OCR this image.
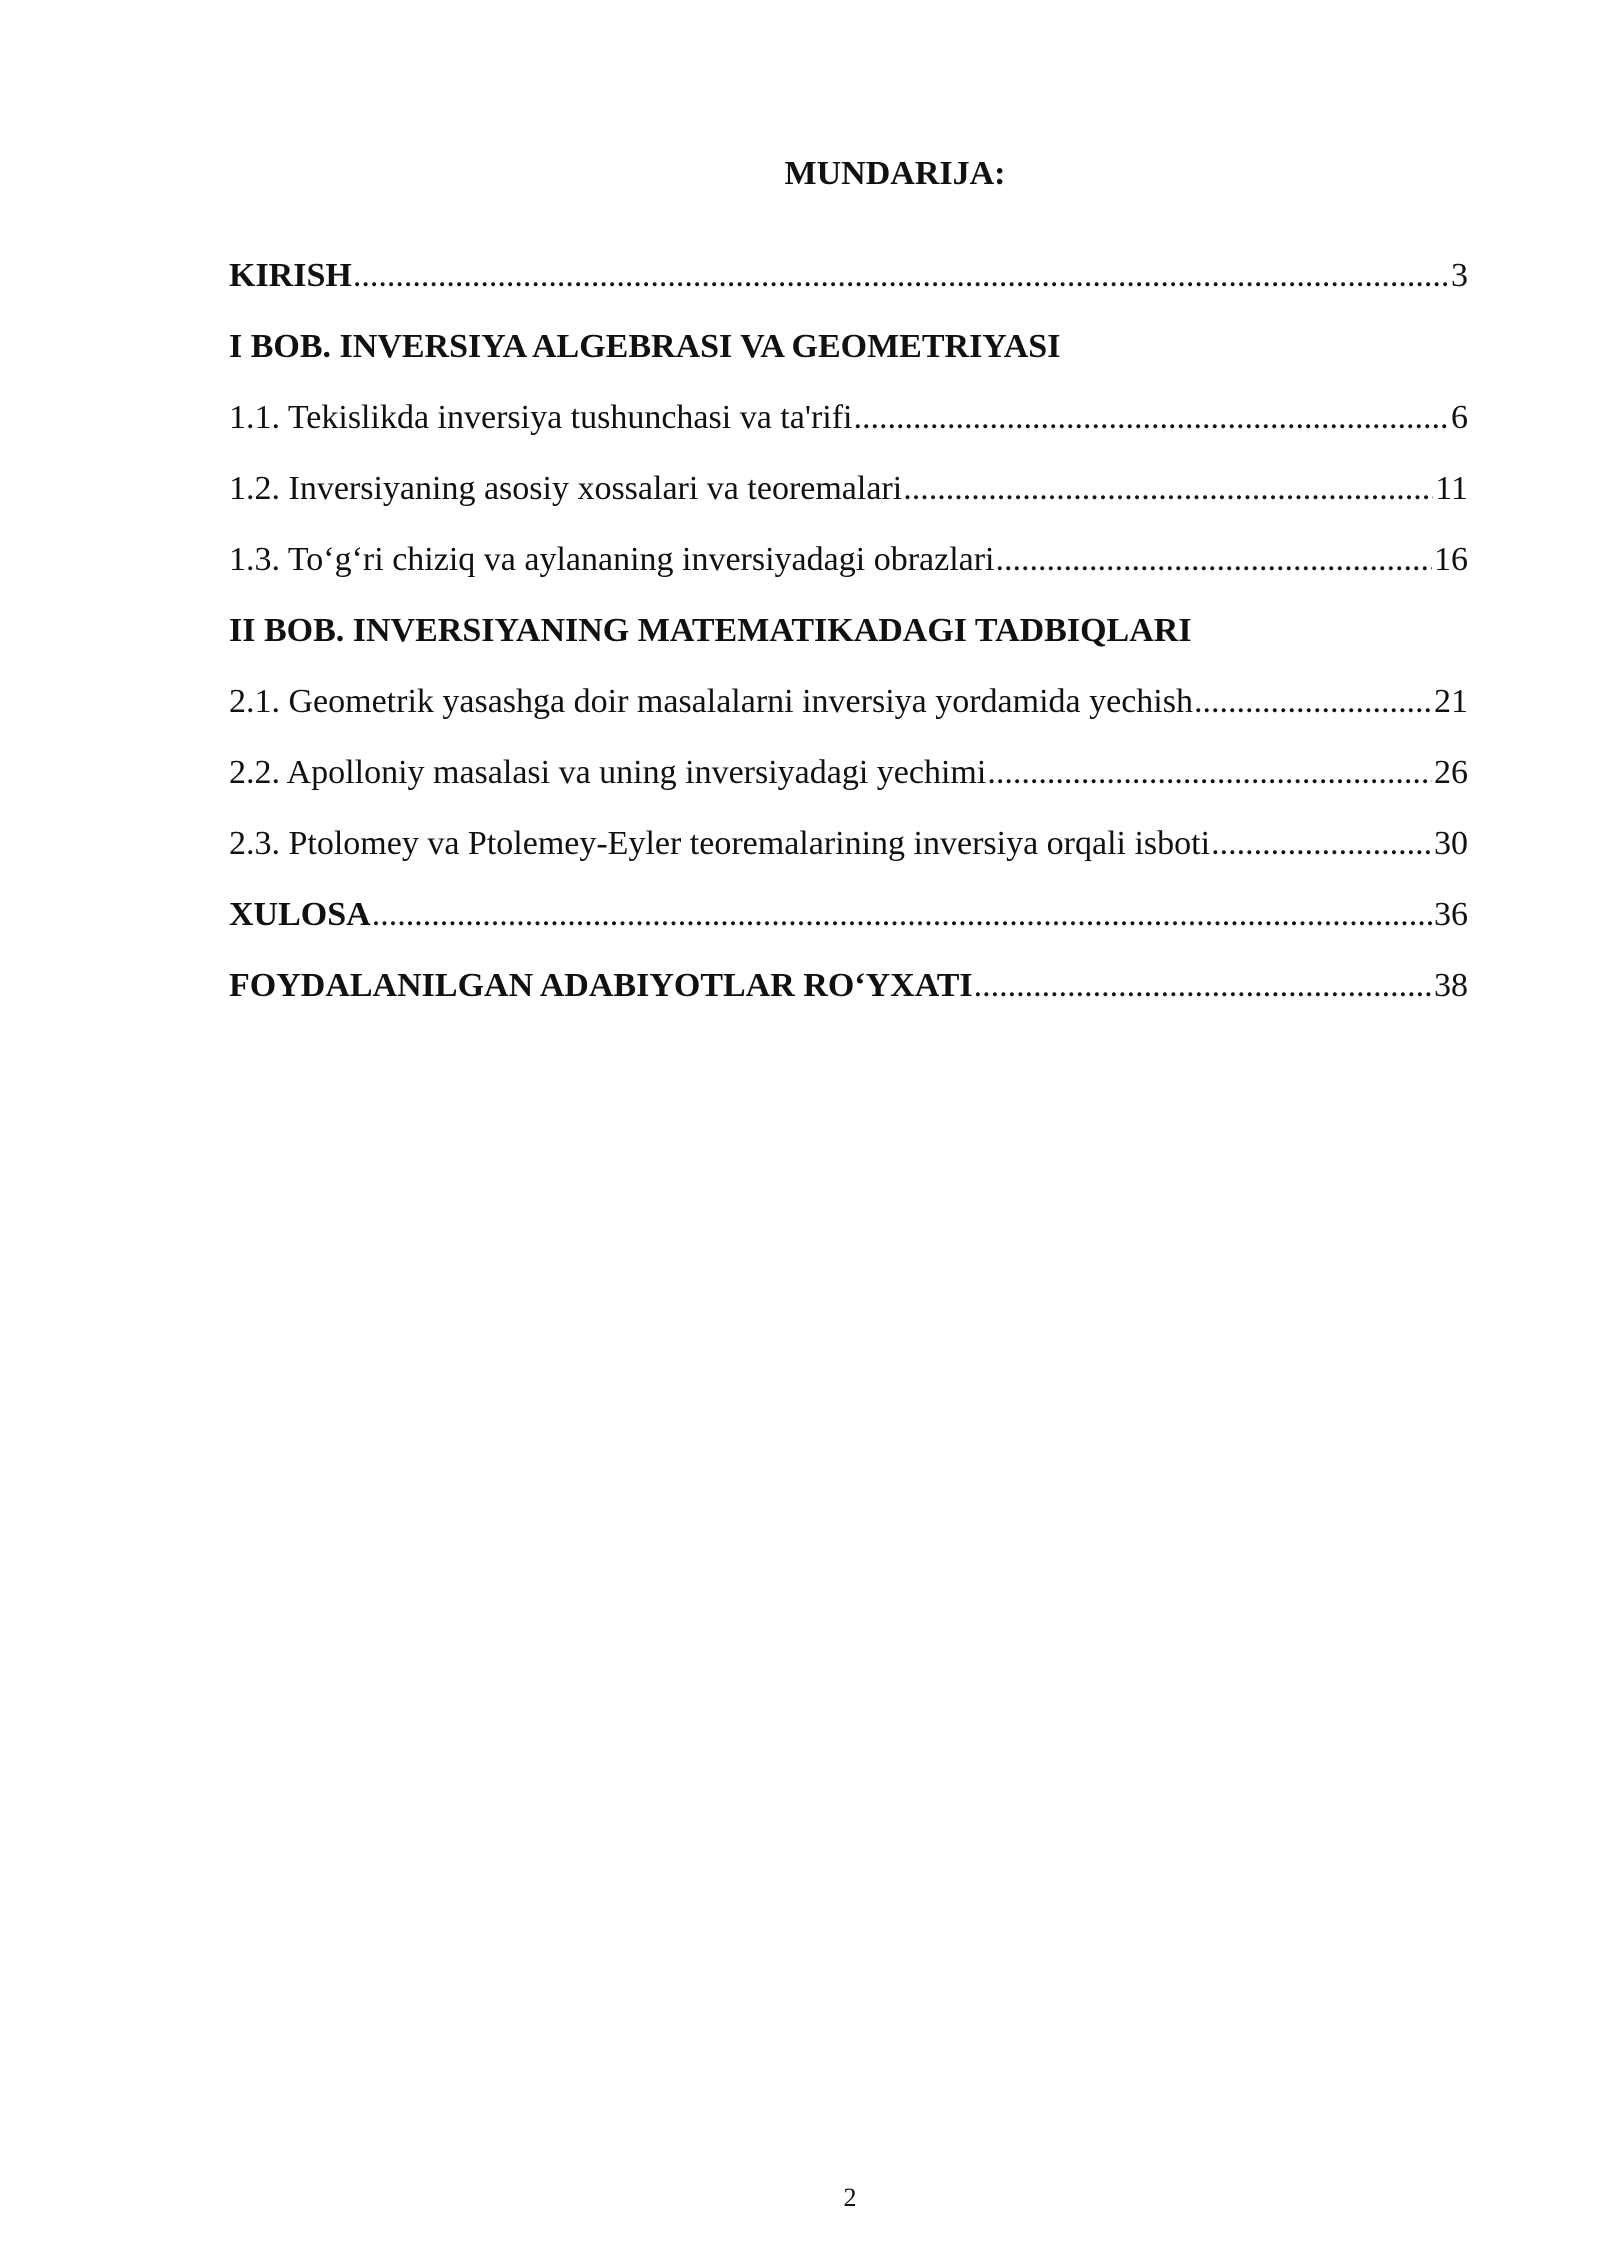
MUNDARIJA:
KIRISH .....	3
I BOB. INVERSIYA ALGEBRASI VA GEOMETRIYASI
1.1. Tekislikda inversiya tushunchasi va ta'rifi .....	6
1.2. Inversiyaning asosiy xossalari va teoremalari .....	11
1.3. To‘g‘ri chiziq va aylananing inversiyadagi obrazlari .....	16
II BOB. INVERSIYANING MATEMATIKADAGI TADBIQLARI
2.1. Geometrik yasashga doir masalalarni inversiya yordamida yechish .....	21
2.2. Apolloniy masalasi va uning inversiyadagi yechimi .....	26
2.3. Ptolomey va Ptolemey-Eyler teoremalarining inversiya orqali isboti .....	30
XULOSA .....	36
FOYDALANILGAN ADABIYOTLAR RO‘YXATI .....	38
2
